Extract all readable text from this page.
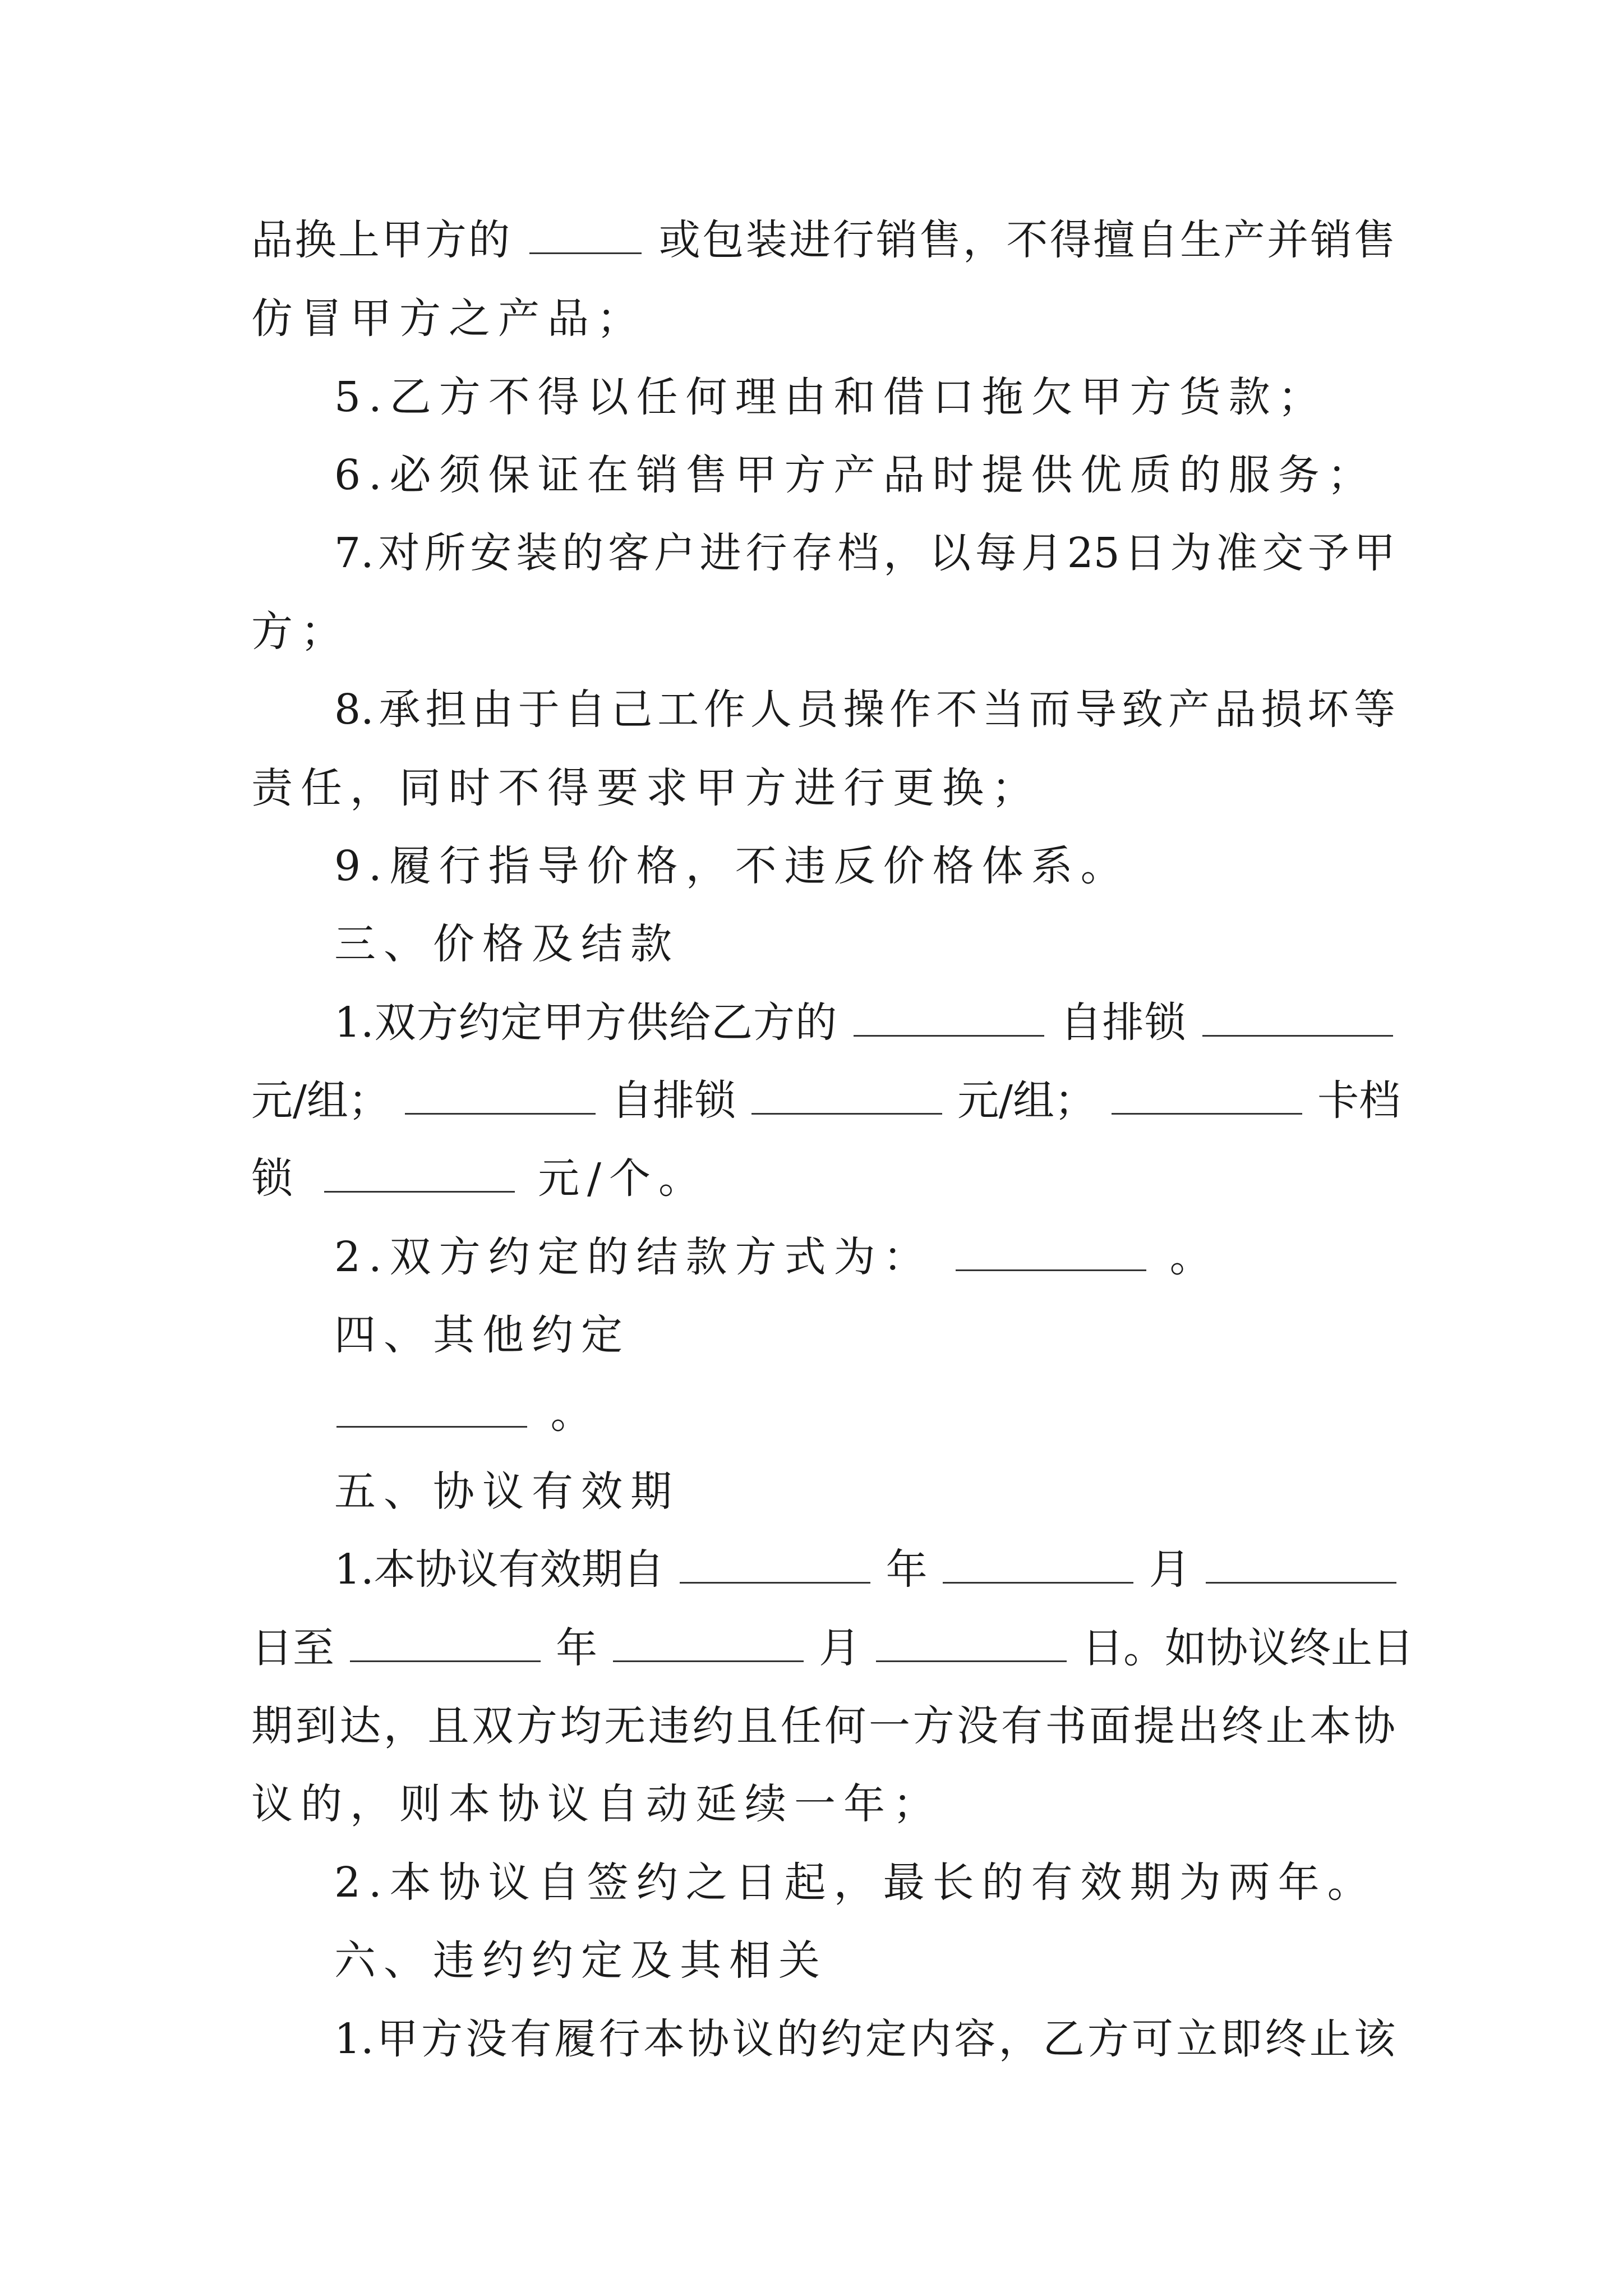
品换上甲方的	或包装进行销售，不得擅自生产并销售
仿冒甲方之产品；
5.乙方不得以任何理由和借口拖欠甲方货款；
6.必须保证在销售甲方产品时提供优质的服务；
7.对所安装的客户进行存档，以每月25日为准交予甲
方；
8.承担由于自己工作人员操作不当而导致产品损坏等
责任，同时不得要求甲方进行更换；
9.履行指导价格，不违反价格体系。
三、价格及结款
1.双方约定甲方供给乙方的	自排锁
元/组；	自排锁	元/组；	卡档
锁	元/个。
2.双方约定的结款方式为：	。
四、其他约定
。
五、协议有效期
1.本协议有效期自	年	月
日至	年	月	日。如协议终止日
期到达，且双方均无违约且任何一方没有书面提出终止本协
议的，则本协议自动延续一年；
2.本协议自签约之日起，最长的有效期为两年。
六、违约约定及其相关
1.甲方没有履行本协议的约定内容，乙方可立即终止该
